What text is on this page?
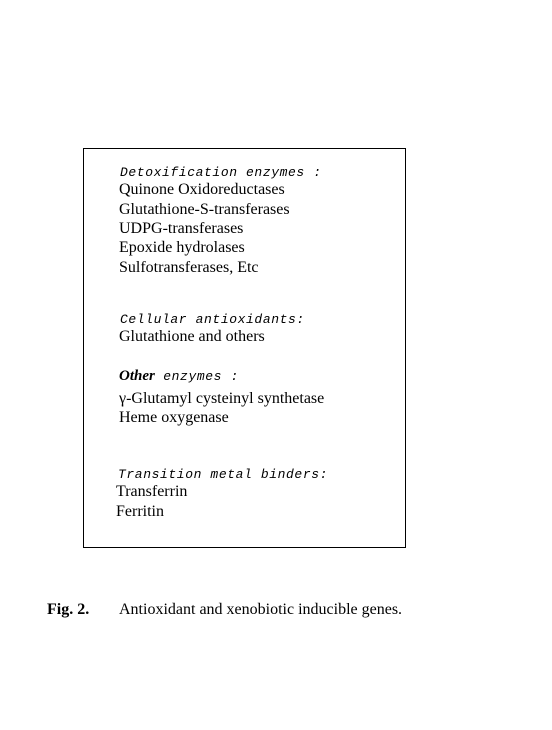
Detoxification enzymes :
Quinone Oxidoreductases
Glutathione-S-transferases
UDPG-transferases
Epoxide hydrolases
Sulfotransferases, Etc
Cellular antioxidants:
Glutathione and others
Other enzymes :
γ-Glutamyl cysteinyl synthetase
Heme oxygenase
Transition metal binders:
Transferrin
Ferritin
Fig. 2. Antioxidant and xenobiotic inducible genes.
